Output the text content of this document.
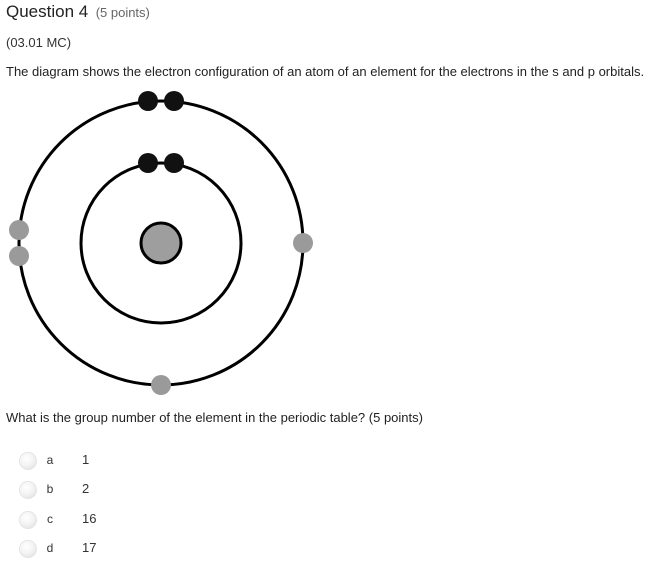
Question 4 (5 points)
(03.01 MC)
The diagram shows the electron configuration of an atom of an element for the electrons in the s and p orbitals.
What is the group number of the element in the periodic table? (5 points)
a 1
b 2
c 16
d 17
